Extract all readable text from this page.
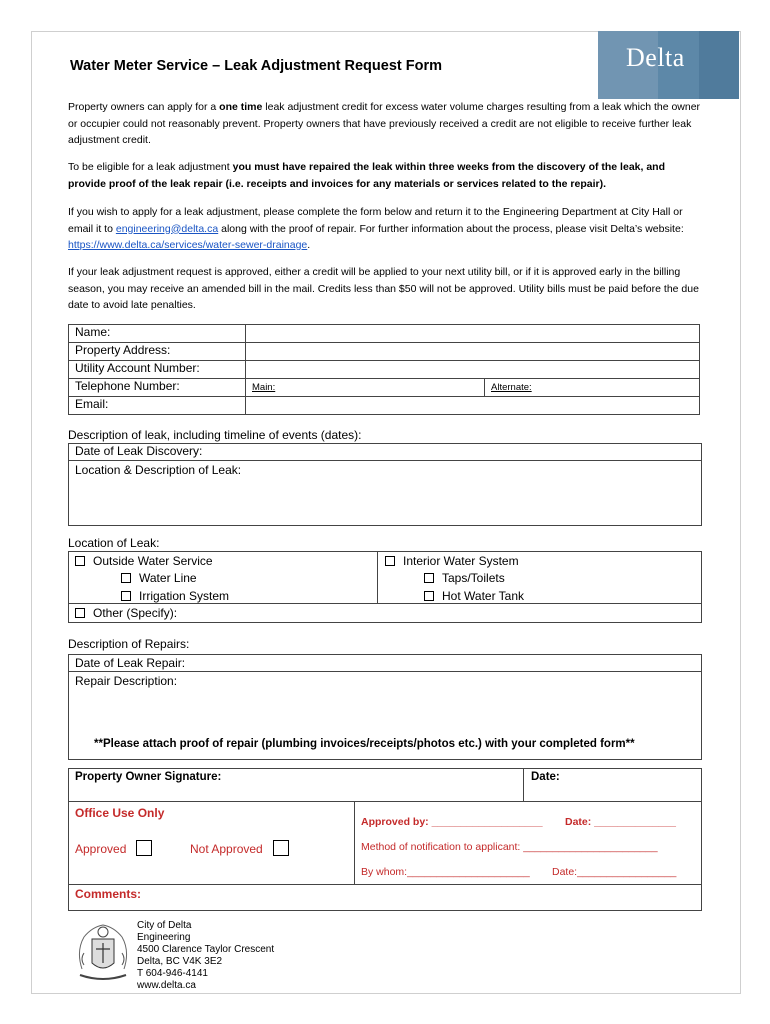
Delta
Water Meter Service – Leak Adjustment Request Form
Property owners can apply for a one time leak adjustment credit for excess water volume charges resulting from a leak which the owner or occupier could not reasonably prevent. Property owners that have previously received a credit are not eligible to receive further leak adjustment credit.
To be eligible for a leak adjustment you must have repaired the leak within three weeks from the discovery of the leak, and provide proof of the leak repair (i.e. receipts and invoices for any materials or services related to the repair).
If you wish to apply for a leak adjustment, please complete the form below and return it to the Engineering Department at City Hall or email it to engineering@delta.ca along with the proof of repair. For further information about the process, please visit Delta’s website: https://www.delta.ca/services/water-sewer-drainage.
If your leak adjustment request is approved, either a credit will be applied to your next utility bill, or if it is approved early in the billing season, you may receive an amended bill in the mail. Credits less than $50 will not be approved. Utility bills must be paid before the due date to avoid late penalties.
Name:		
Property Address:		
Utility Account Number:		
Telephone Number:	Main:	Alternate:
Email:		
Description of leak, including timeline of events (dates):
Date of Leak Discovery:
Location & Description of Leak:
Location of Leak:
Outside Water Service
Water Line
Irrigation System
Interior Water System
Taps/Toilets
Hot Water Tank
Other (Specify):
Description of Repairs:
Date of Leak Repair:
Repair Description:
**Please attach proof of repair (plumbing invoices/receipts/photos etc.) with your completed form**
Property Owner Signature:	Date:
Office Use Only
Approved	Not Approved
Approved by: ___________________ Date: ______________
Method of notification to applicant: _______________________
By whom:_____________________ Date:_________________
Comments:
City of Delta
Engineering
4500 Clarence Taylor Crescent
Delta, BC V4K 3E2
T 604-946-4141
www.delta.ca
